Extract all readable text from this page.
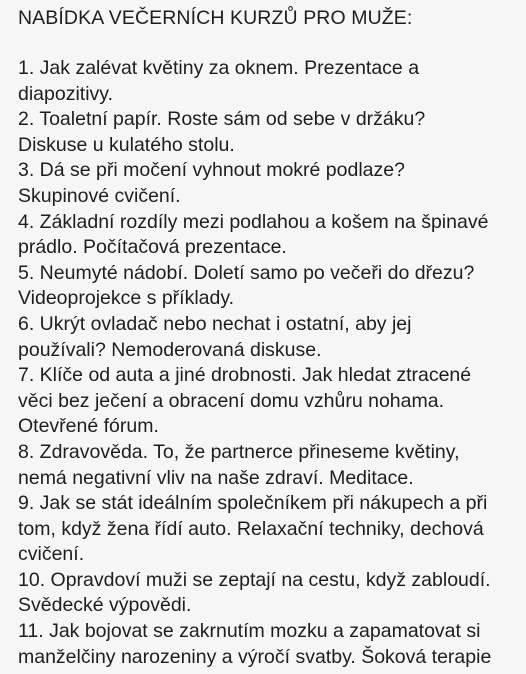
NABÍDKA VEČERNÍCH KURZŮ PRO MUŽE:
1. Jak zalévat květiny za oknem. Prezentace a
diapozitivy.
2. Toaletní papír. Roste sám od sebe v držáku?
Diskuse u kulatého stolu.
3. Dá se při močení vyhnout mokré podlaze?
Skupinové cvičení.
4. Základní rozdíly mezi podlahou a košem na špinavé
prádlo. Počítačová prezentace.
5. Neumyté nádobí. Doletí samo po večeři do dřezu?
Videoprojekce s příklady.
6. Ukrýt ovladač nebo nechat i ostatní, aby jej
používali? Nemoderovaná diskuse.
7. Klíče od auta a jiné drobnosti. Jak hledat ztracené
věci bez ječení a obracení domu vzhůru nohama.
Otevřené fórum.
8. Zdravověda. To, že partnerce přineseme květiny,
nemá negativní vliv na naše zdraví. Meditace.
9. Jak se stát ideálním společníkem při nákupech a při
tom, když žena řídí auto. Relaxační techniky, dechová
cvičení.
10. Opravdoví muži se zeptají na cestu, když zabloudí.
Svědecké výpovědi.
11. Jak bojovat se zakrnutím mozku a zapamatovat si
manželčiny narozeniny a výročí svatby. Šoková terapie
